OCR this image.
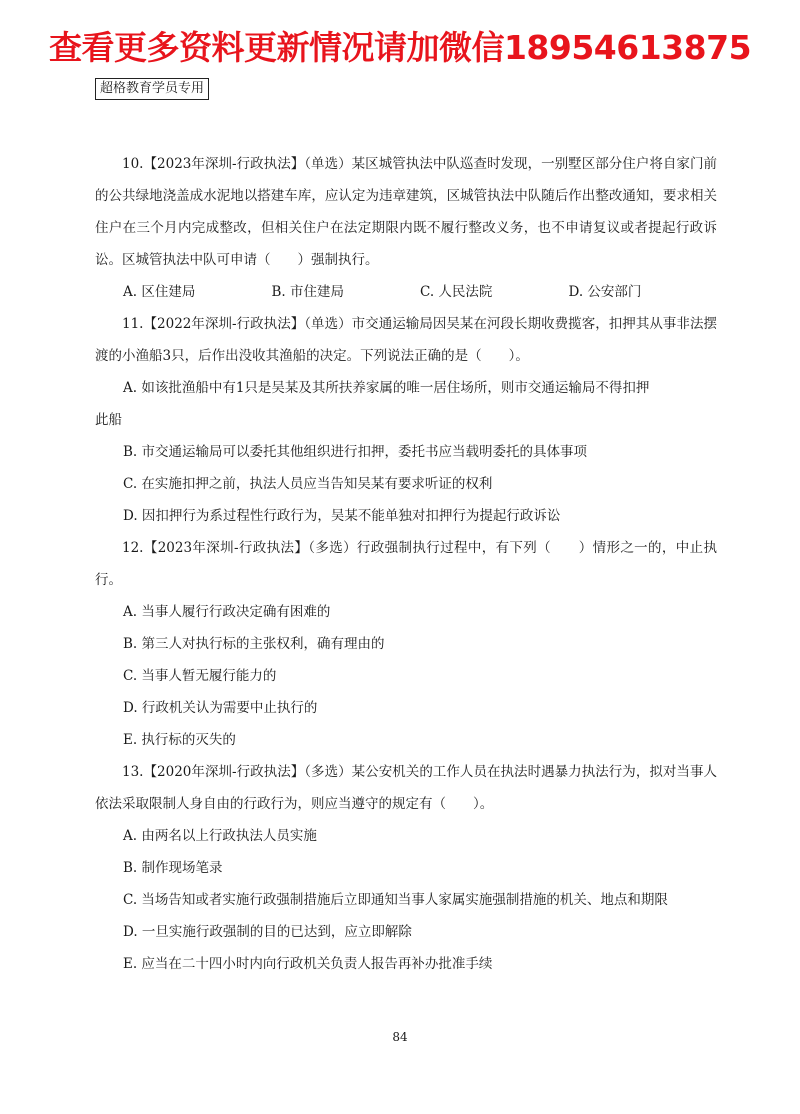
查看更多资料更新情况请加微信18954613875
超格教育学员专用

10.【2023年深圳-行政执法】（单选）某区城管执法中队巡查时发现，一别墅区部分住户将自家门前的公共绿地浇盖成水泥地以搭建车库，应认定为违章建筑，区城管执法中队随后作出整改通知，要求相关住户在三个月内完成整改，但相关住户在法定期限内既不履行整改义务，也不申请复议或者提起行政诉讼。区城管执法中队可申请（　　）强制执行。

A. 区住建局	B. 市住建局	C. 人民法院	D. 公安部门

11.【2022年深圳-行政执法】（单选）市交通运输局因吴某在河段长期收费揽客，扣押其从事非法摆渡的小渔船3只，后作出没收其渔船的决定。下列说法正确的是（　　）。

A. 如该批渔船中有1只是吴某及其所扶养家属的唯一居住场所，则市交通运输局不得扣押
此船

B. 市交通运输局可以委托其他组织进行扣押，委托书应当载明委托的具体事项

C. 在实施扣押之前，执法人员应当告知吴某有要求听证的权利

D. 因扣押行为系过程性行政行为，吴某不能单独对扣押行为提起行政诉讼

12.【2023年深圳-行政执法】（多选）行政强制执行过程中，有下列（　　）情形之一的，中止执行。

A. 当事人履行行政决定确有困难的

B. 第三人对执行标的主张权利，确有理由的

C. 当事人暂无履行能力的

D. 行政机关认为需要中止执行的

E. 执行标的灭失的

13.【2020年深圳-行政执法】（多选）某公安机关的工作人员在执法时遇暴力执法行为，拟对当事人依法采取限制人身自由的行政行为，则应当遵守的规定有（　　）。

A. 由两名以上行政执法人员实施

B. 制作现场笔录

C. 当场告知或者实施行政强制措施后立即通知当事人家属实施强制措施的机关、地点和期限

D. 一旦实施行政强制的目的已达到，应立即解除

E. 应当在二十四小时内向行政机关负责人报告再补办批准手续

84
